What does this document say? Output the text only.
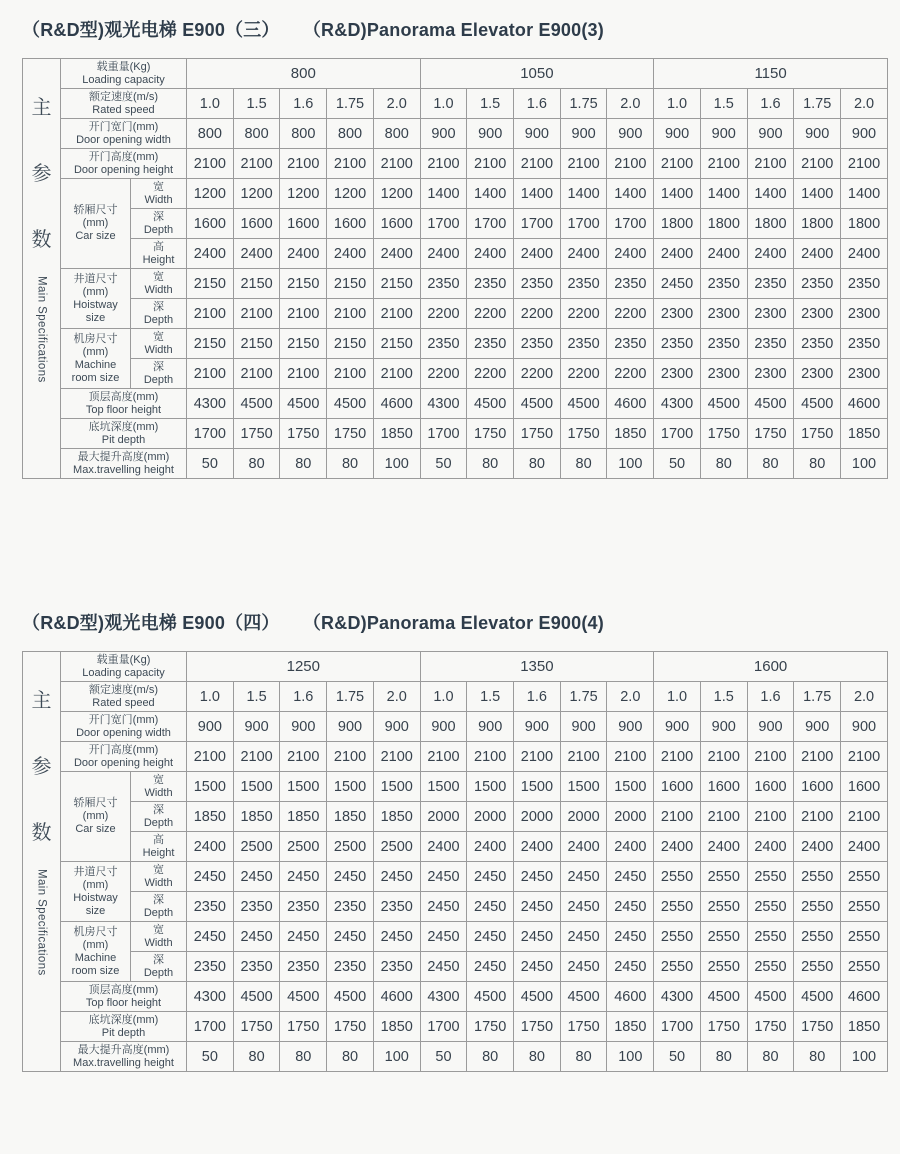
（R&D型)观光电梯 E900（三） （R&D)Panorama Elevator E900(3)
主
参
数
Main Specifications

载重量(Kg)
Loading capacity	800	1050	1150

	额定速度(m/s)
Rated speed		1.0	1.5	1.6	1.75	2.0	1.0	1.5	1.6	1.75	2.0	1.0	1.5	1.6	1.75	2.0

	开门宽门(mm)
Door opening width		800	800	800	800	800	900	900	900	900	900	900	900	900	900	900

	开门高度(mm)
Door opening height		2100	2100	2100	2100	2100	2100	2100	2100	2100	2100	2100	2100	2100	2100	2100

轿厢尺寸(mm)
Car size

宽
Width	1200	1200	1200	1200	1200	1400	1400	1400	1400	1400	1400	1400	1400	1400	1400

		深
Depth	1600	1600	1600	1600	1600	1700	1700	1700	1700	1700	1800	1800	1800	1800	1800

		高
Height	2400	2400	2400	2400	2400	2400	2400	2400	2400	2400	2400	2400	2400	2400	2400

井道尺寸(mm)
Hoistway size

宽
Width	2150	2150	2150	2150	2150	2350	2350	2350	2350	2350	2450	2350	2350	2350	2350

		深
Depth	2100	2100	2100	2100	2100	2200	2200	2200	2200	2200	2300	2300	2300	2300	2300

机房尺寸(mm)
Machine room size

宽
Width	2150	2150	2150	2150	2150	2350	2350	2350	2350	2350	2350	2350	2350	2350	2350

		深
Depth	2100	2100	2100	2100	2100	2200	2200	2200	2200	2200	2300	2300	2300	2300	2300

	顶层高度(mm)
Top floor height		4300	4500	4500	4500	4600	4300	4500	4500	4500	4600	4300	4500	4500	4500	4600

	底坑深度(mm)
Pit depth		1700	1750	1750	1750	1850	1700	1750	1750	1750	1850	1700	1750	1750	1750	1850

	最大提升高度(mm)
Max.travelling height		50	80	80	80	100	50	80	80	80	100	50	80	80	80	100
（R&D型)观光电梯 E900（四） （R&D)Panorama Elevator E900(4)
主
参
数
Main Specifications

载重量(Kg)
Loading capacity	1250	1350	1600

	额定速度(m/s)
Rated speed		1.0	1.5	1.6	1.75	2.0	1.0	1.5	1.6	1.75	2.0	1.0	1.5	1.6	1.75	2.0

	开门宽门(mm)
Door opening width		900	900	900	900	900	900	900	900	900	900	900	900	900	900	900

	开门高度(mm)
Door opening height		2100	2100	2100	2100	2100	2100	2100	2100	2100	2100	2100	2100	2100	2100	2100

轿厢尺寸(mm)
Car size

宽
Width	1500	1500	1500	1500	1500	1500	1500	1500	1500	1500	1600	1600	1600	1600	1600

		深
Depth	1850	1850	1850	1850	1850	2000	2000	2000	2000	2000	2100	2100	2100	2100	2100

		高
Height	2400	2500	2500	2500	2500	2400	2400	2400	2400	2400	2400	2400	2400	2400	2400

井道尺寸(mm)
Hoistway size

宽
Width	2450	2450	2450	2450	2450	2450	2450	2450	2450	2450	2550	2550	2550	2550	2550

		深
Depth	2350	2350	2350	2350	2350	2450	2450	2450	2450	2450	2550	2550	2550	2550	2550

机房尺寸(mm)
Machine room size

宽
Width	2450	2450	2450	2450	2450	2450	2450	2450	2450	2450	2550	2550	2550	2550	2550

		深
Depth	2350	2350	2350	2350	2350	2450	2450	2450	2450	2450	2550	2550	2550	2550	2550

	顶层高度(mm)
Top floor height		4300	4500	4500	4500	4600	4300	4500	4500	4500	4600	4300	4500	4500	4500	4600

	底坑深度(mm)
Pit depth		1700	1750	1750	1750	1850	1700	1750	1750	1750	1850	1700	1750	1750	1750	1850

	最大提升高度(mm)
Max.travelling height		50	80	80	80	100	50	80	80	80	100	50	80	80	80	100
